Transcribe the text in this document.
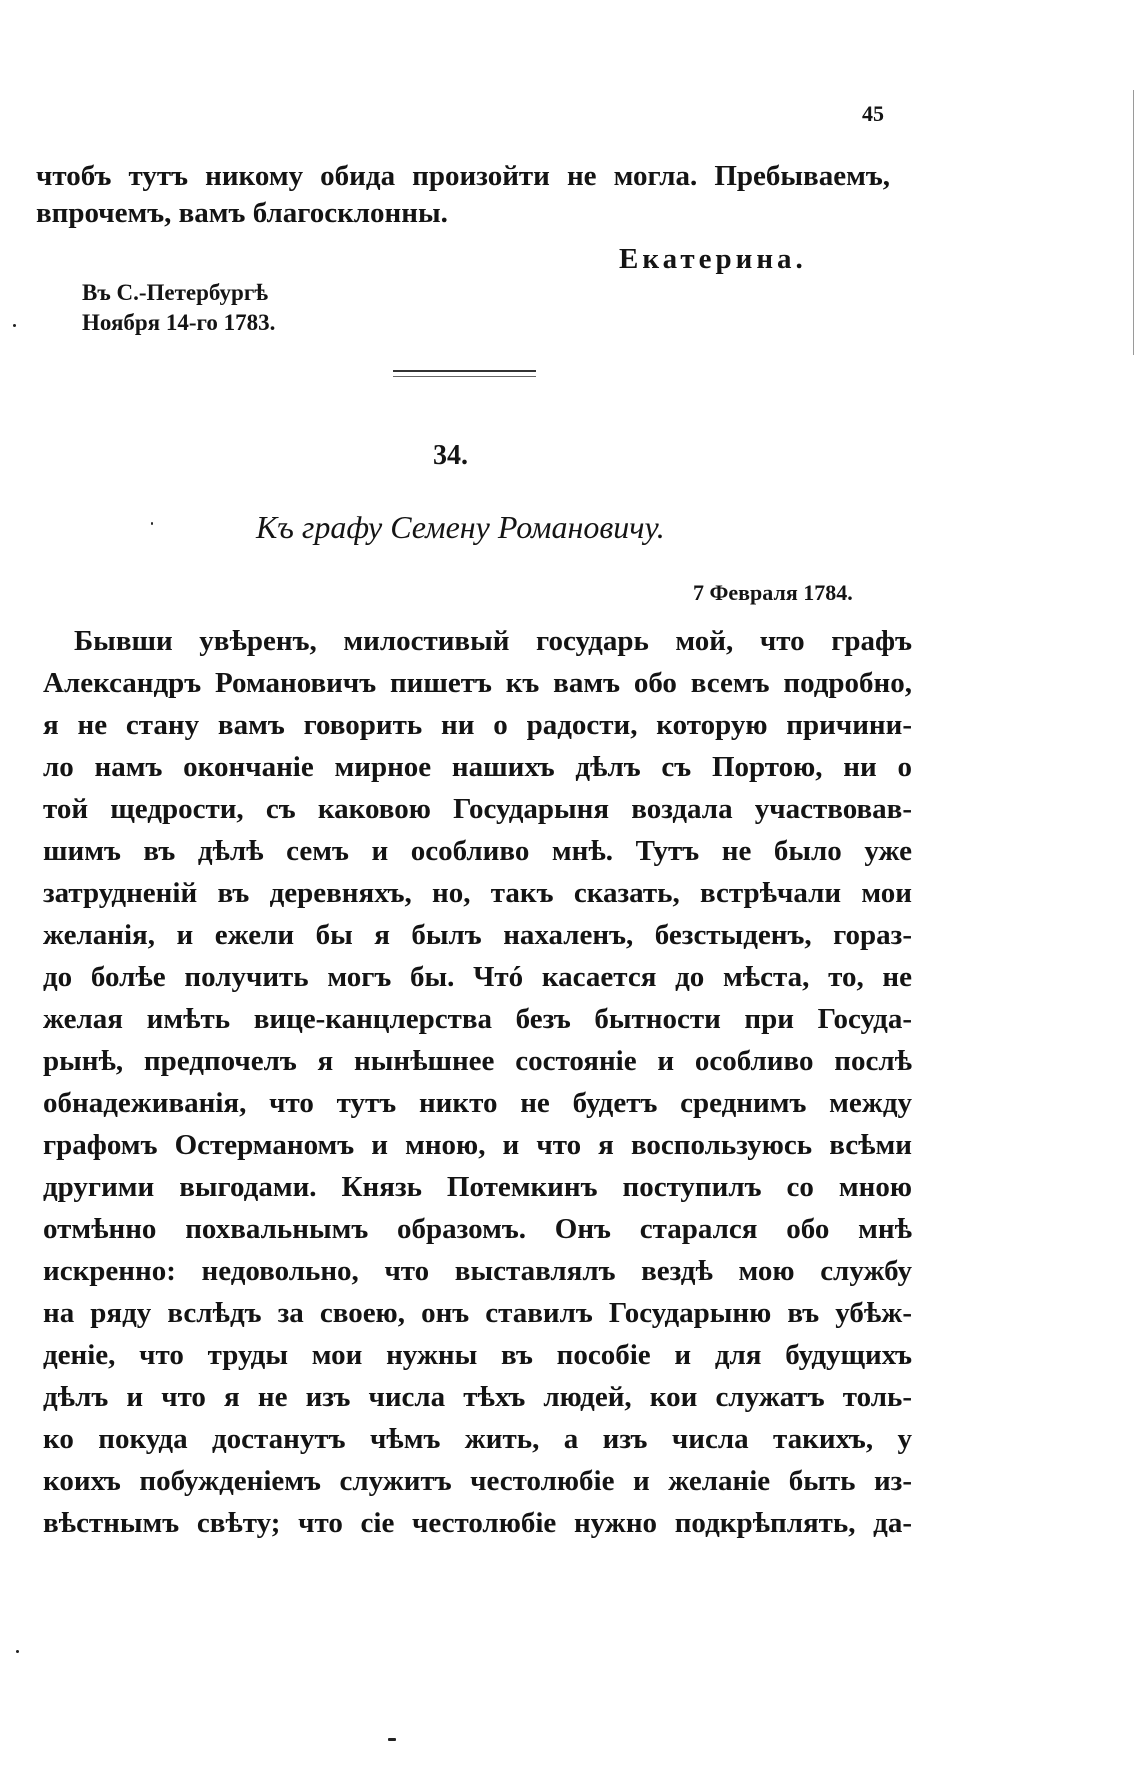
45
чтобъ тутъ никому обида произойти не могла. Пребываемъ,
впрочемъ, вамъ благосклонны.
Екатерина.
Въ С.-Петербургѣ
Ноября 14-го 1783.
34.
Къ графу Семену Романовичу.
7 Февраля 1784.
Бывши увѣренъ, милостивый государь мой, что графъ
Александръ Романовичъ пишетъ къ вамъ обо всемъ подробно,
я не стану вамъ говорить ни о радости, которую причини-
ло намъ окончаніе мирное нашихъ дѣлъ съ Портою, ни о
той щедрости, съ каковою Государыня воздала участвовав-
шимъ въ дѣлѣ семъ и особливо мнѣ. Тутъ не было уже
затрудненій въ деревняхъ, но, такъ сказать, встрѣчали мои
желанія, и ежели бы я былъ нахаленъ, безстыденъ, гораз-
до болѣе получить могъ бы. Чтó касается до мѣста, то, не
желая имѣть вице-канцлерства безъ бытности при Госуда-
рынѣ, предпочелъ я нынѣшнее состояніе и особливо послѣ
обнадеживанія, что тутъ никто не будетъ среднимъ между
графомъ Остерманомъ и мною, и что я воспользуюсь всѣми
другими выгодами. Князь Потемкинъ поступилъ со мною
отмѣнно похвальнымъ образомъ. Онъ старался обо мнѣ
искренно: недовольно, что выставлялъ вездѣ мою службу
на ряду вслѣдъ за своею, онъ ставилъ Государыню въ убѣж-
деніе, что труды мои нужны въ пособіе и для будущихъ
дѣлъ и что я не изъ числа тѣхъ людей, кои служатъ толь-
ко покуда достанутъ чѣмъ жить, а изъ числа такихъ, у
коихъ побужденіемъ служитъ честолюбіе и желаніе быть из-
вѣстнымъ свѣту; что сіе честолюбіе нужно подкрѣплять, да-
